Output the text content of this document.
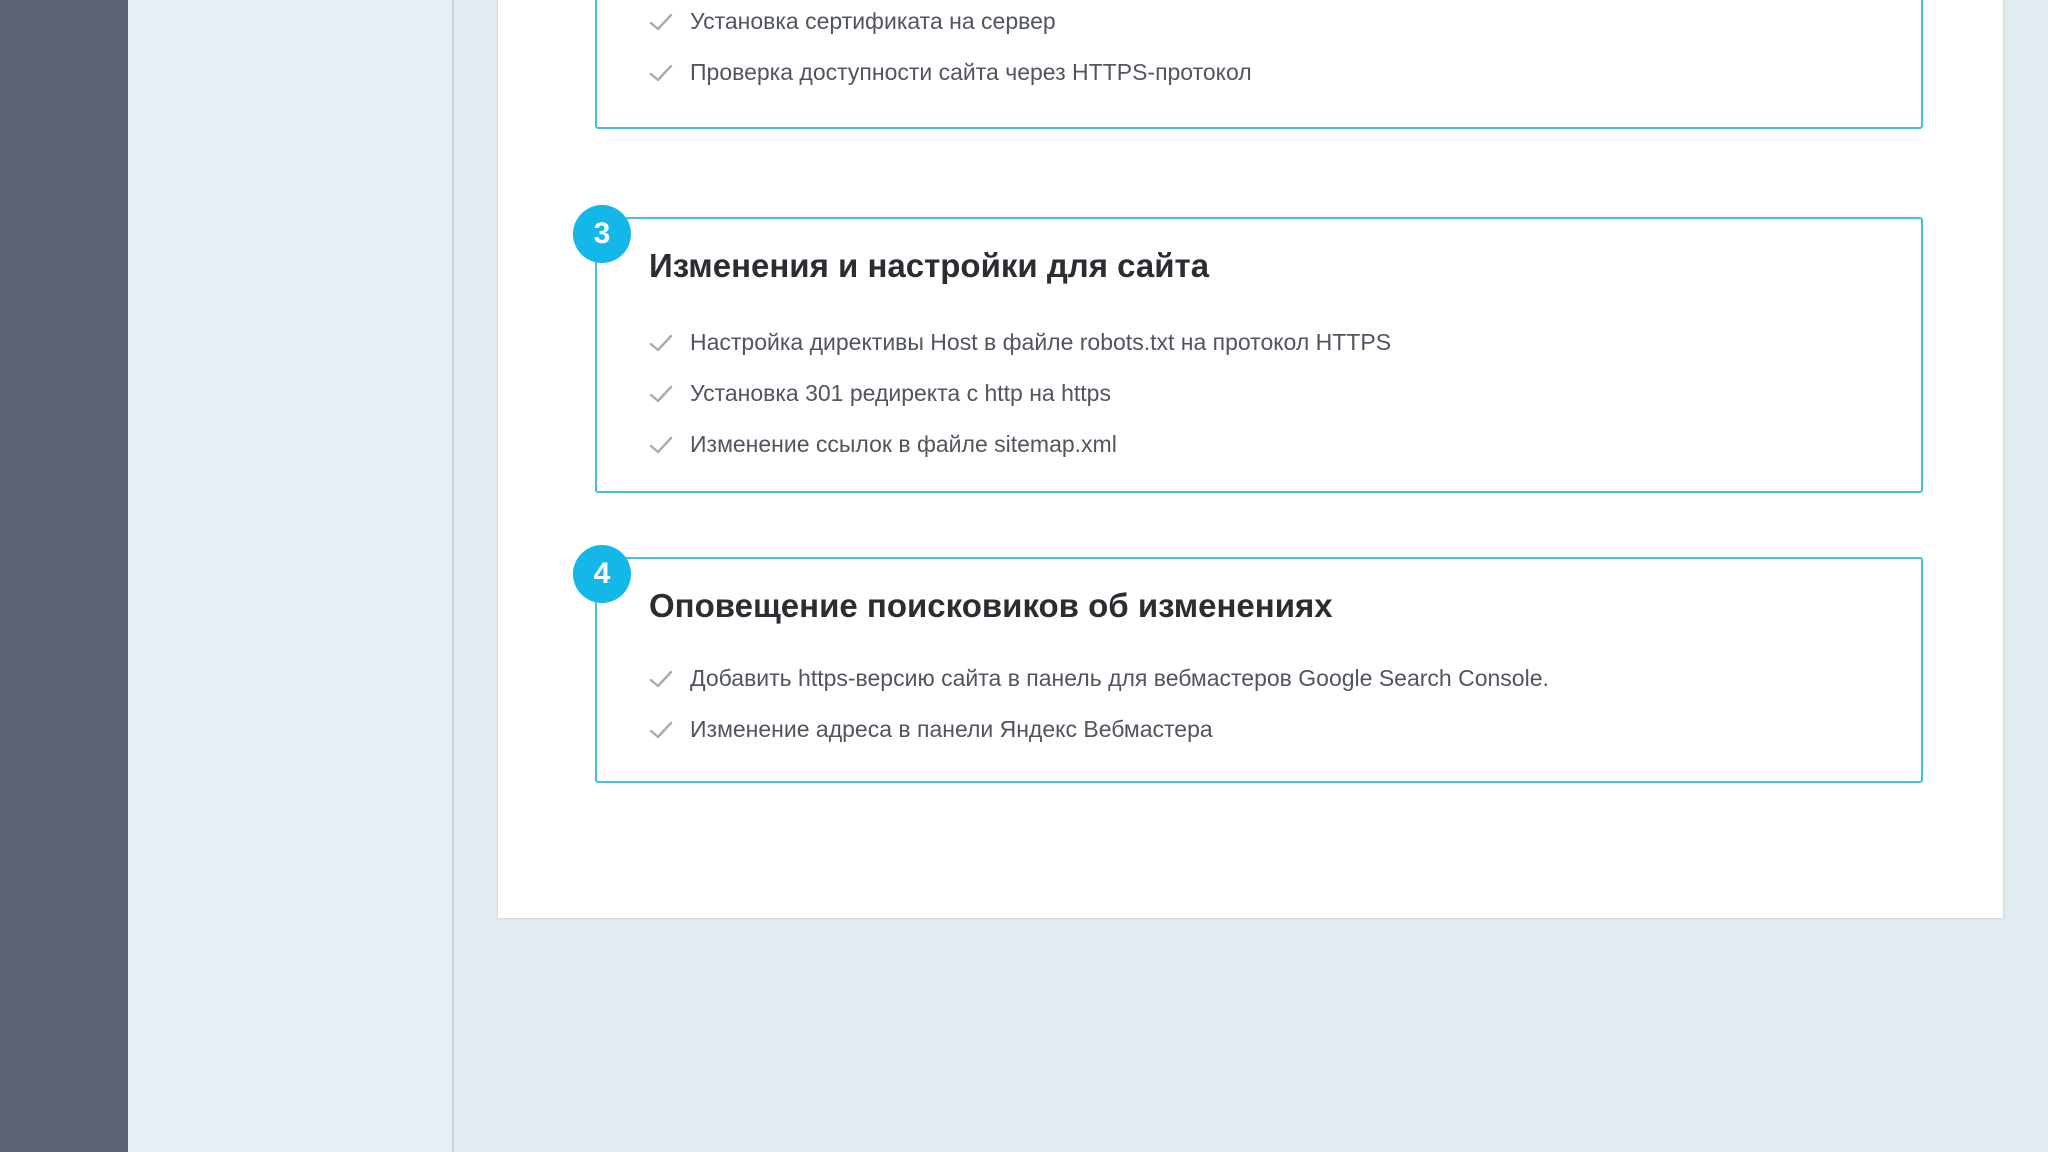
Установка сертификата на сервер
Проверка доступности сайта через HTTPS-протокол
3
Изменения и настройки для сайта
Настройка директивы Host в файле robots.txt на протокол HTTPS
Установка 301 редиректа с http на https
Изменение ссылок в файле sitemap.xml
4
Оповещение поисковиков об изменениях
Добавить https-версию сайта в панель для вебмастеров Google Search Console.
Изменение адреса в панели Яндекс Вебмастера
